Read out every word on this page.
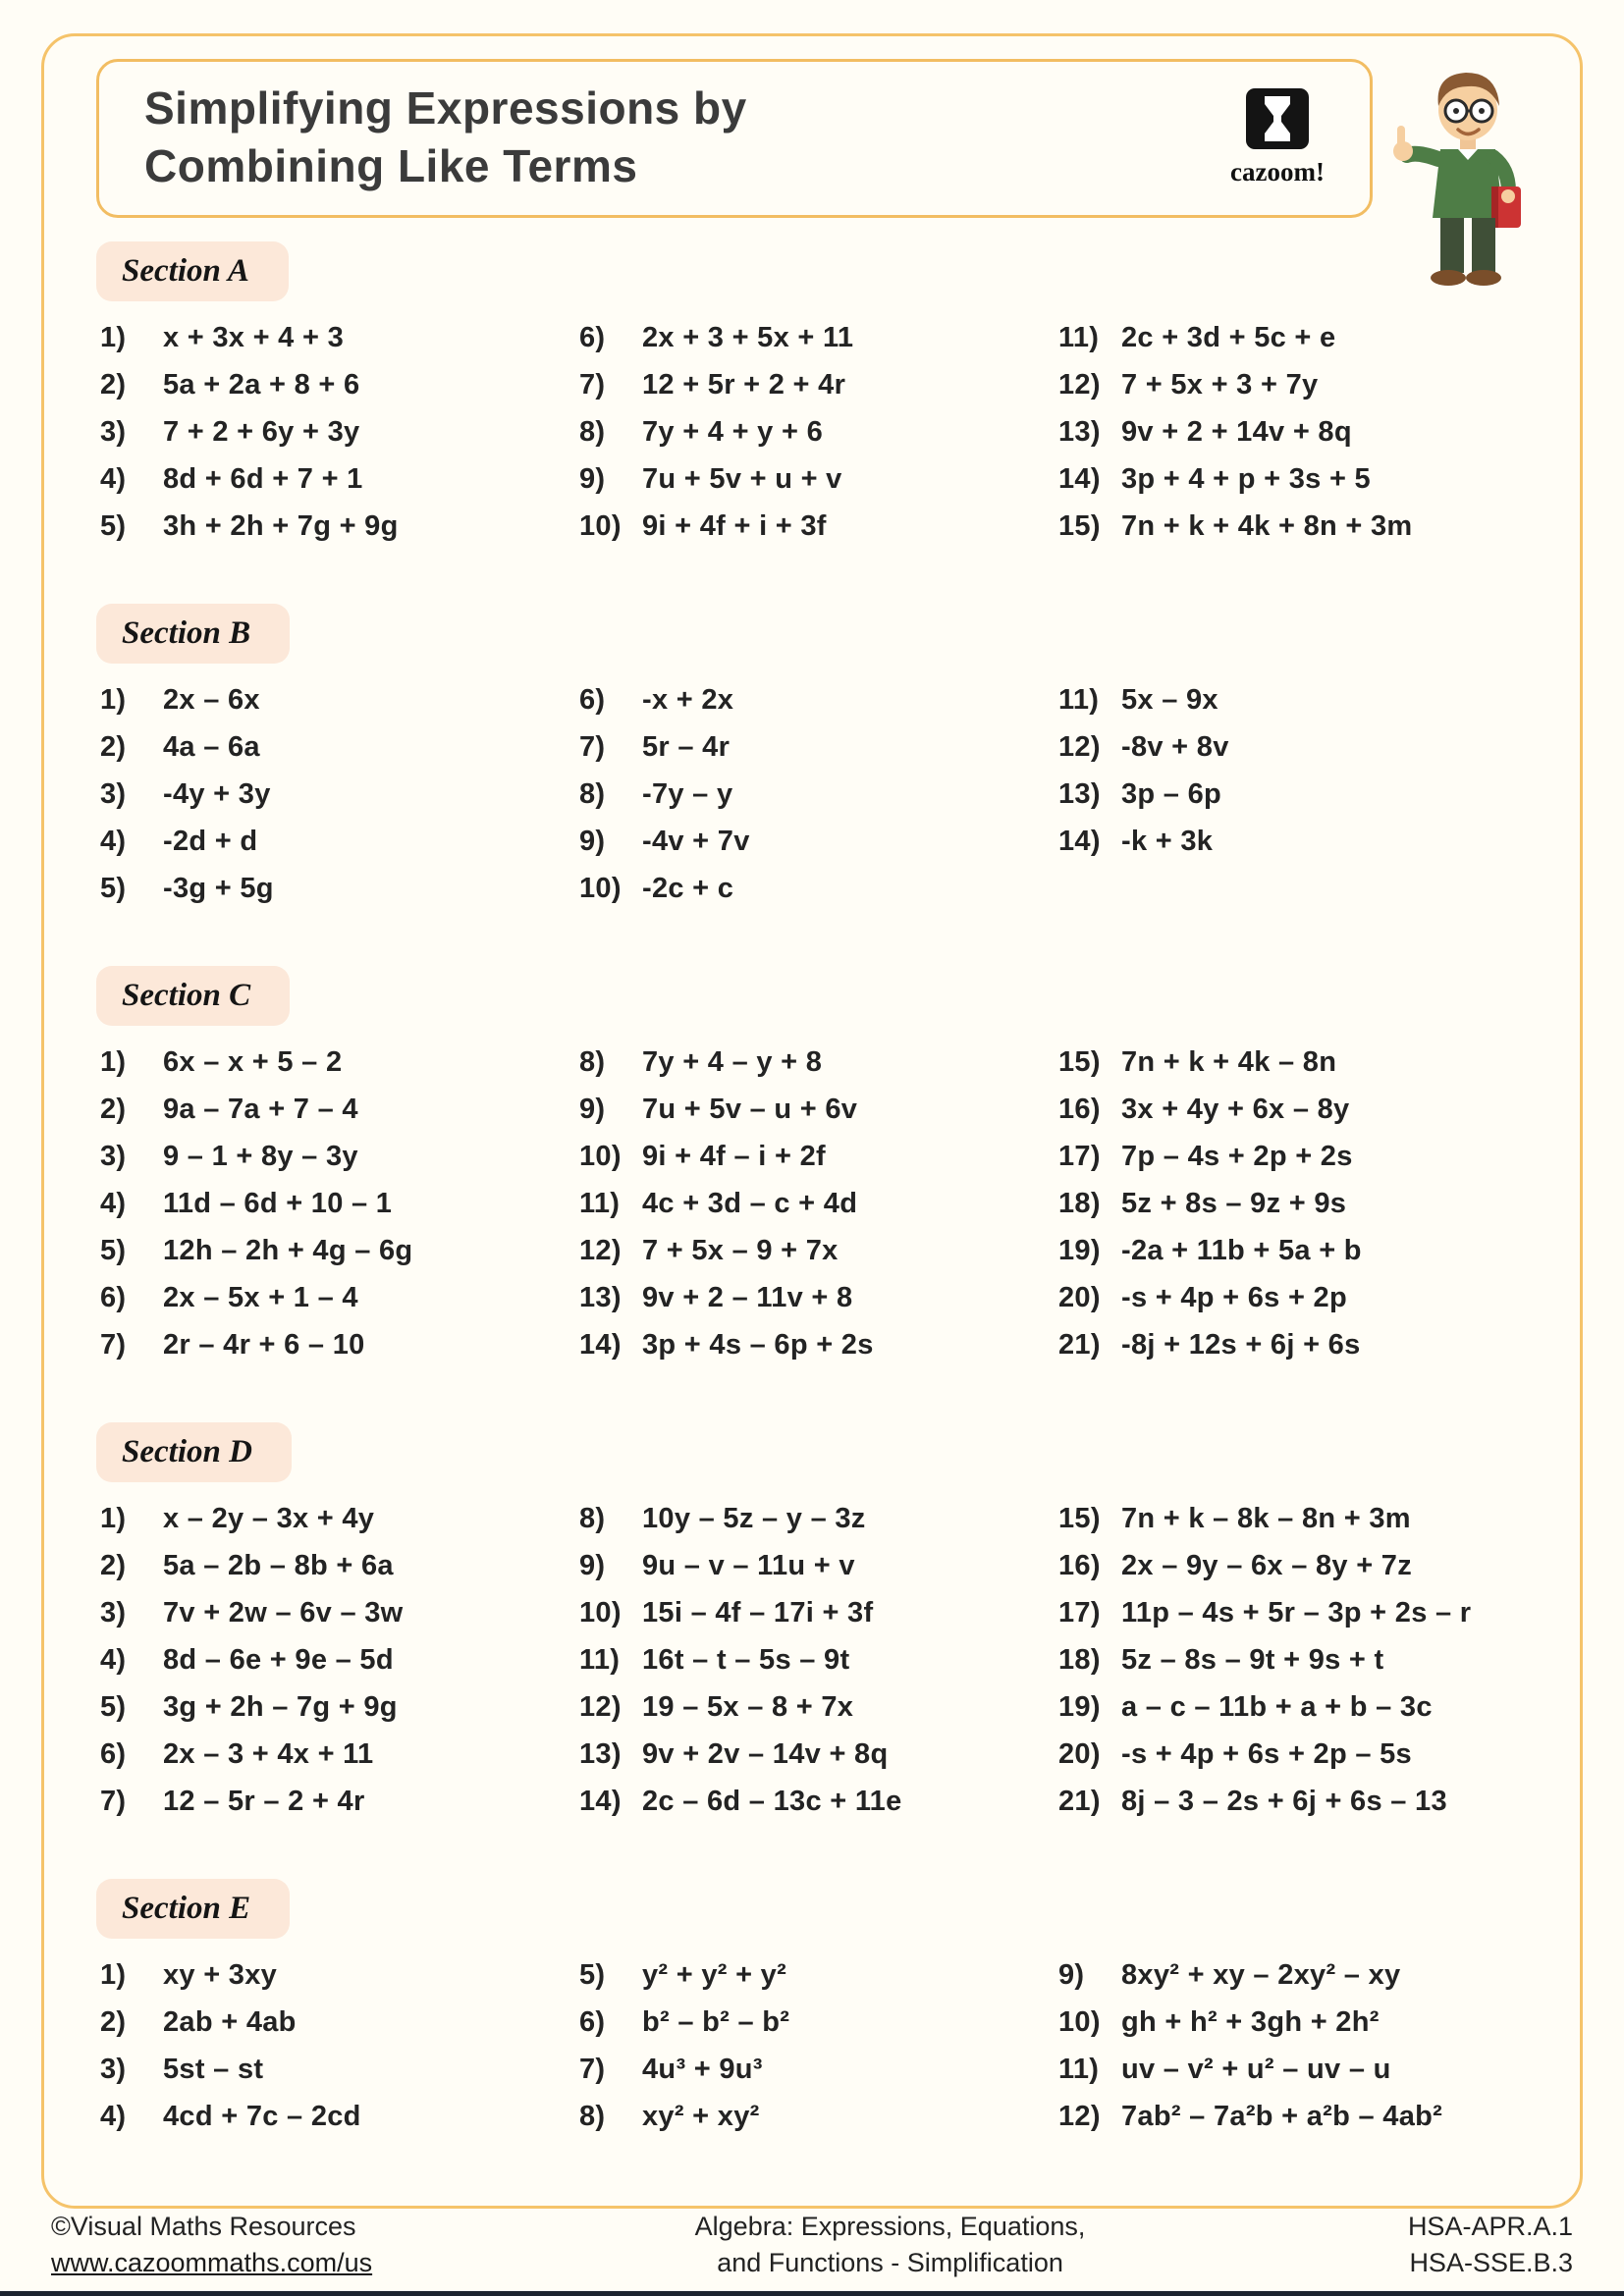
Simplifying Expressions by
Combining Like Terms	cazoom!
Section A
1)	x + 3x + 4 + 3
2)	5a + 2a + 8 + 6
3)	7 + 2 + 6y + 3y
4)	8d + 6d + 7 + 1
5)	3h + 2h + 7g + 9g
6)	2x + 3 + 5x + 11
7)	12 + 5r + 2 + 4r
8)	7y + 4 + y + 6
9)	7u + 5v + u + v
10) 9i + 4f + i + 3f
11) 2c + 3d + 5c + e
12) 7 + 5x + 3 + 7y
13) 9v + 2 + 14v + 8q
14) 3p + 4 + p + 3s + 5
15) 7n + k + 4k + 8n + 3m
Section B
1)	2x – 6x
2)	4a – 6a
3)	-4y + 3y
4)	-2d + d
5)	-3g + 5g
6)	-x + 2x
7)	5r – 4r
8)	-7y – y
9)	-4v + 7v
10) -2c + c
11) 5x – 9x
12) -8v + 8v
13) 3p – 6p
14) -k + 3k
Section C
1)	6x – x + 5 – 2
2)	9a – 7a + 7 – 4
3)	9 – 1 + 8y – 3y
4)	11d – 6d + 10 – 1
5)	12h – 2h + 4g – 6g
6)	2x – 5x + 1 – 4
7)	2r – 4r + 6 – 10
8)	7y + 4 – y + 8
9)	7u + 5v – u + 6v
10) 9i + 4f – i + 2f
11) 4c + 3d – c + 4d
12) 7 + 5x – 9 + 7x
13) 9v + 2 – 11v + 8
14) 3p + 4s – 6p + 2s
15) 7n + k + 4k – 8n
16) 3x + 4y + 6x – 8y
17) 7p – 4s + 2p + 2s
18) 5z + 8s – 9z + 9s
19) -2a + 11b + 5a + b
20) -s + 4p + 6s + 2p
21) -8j + 12s + 6j + 6s
Section D
1)	x – 2y – 3x + 4y
2)	5a – 2b – 8b + 6a
3)	7v + 2w – 6v – 3w
4)	8d – 6e + 9e – 5d
5)	3g + 2h – 7g + 9g
6)	2x – 3 + 4x + 11
7)	12 – 5r – 2 + 4r
8)	10y – 5z – y – 3z
9)	9u – v – 11u + v
10) 15i – 4f – 17i + 3f
11) 16t – t – 5s – 9t
12) 19 – 5x – 8 + 7x
13) 9v + 2v – 14v + 8q
14) 2c – 6d – 13c + 11e
15) 7n + k – 8k – 8n + 3m
16) 2x – 9y – 6x – 8y + 7z
17) 11p – 4s + 5r – 3p + 2s – r
18) 5z – 8s – 9t + 9s + t
19) a – c – 11b + a + b – 3c
20) -s + 4p + 6s + 2p – 5s
21) 8j – 3 – 2s + 6j + 6s – 13
Section E
1)	xy + 3xy
2)	2ab + 4ab
3)	5st – st
4)	4cd + 7c – 2cd
5)	y² + y² + y²
6)	b² – b² – b²
7)	4u³ + 9u³
8)	xy² + xy²
9)	8xy² + xy – 2xy² – xy
10) gh + h² + 3gh + 2h²
11) uv – v² + u² – uv – u
12) 7ab² – 7a²b + a²b – 4ab²
©Visual Maths Resources
www.cazoommaths.com/us
Algebra: Expressions, Equations,
and Functions - Simplification
HSA-APR.A.1
HSA-SSE.B.3
